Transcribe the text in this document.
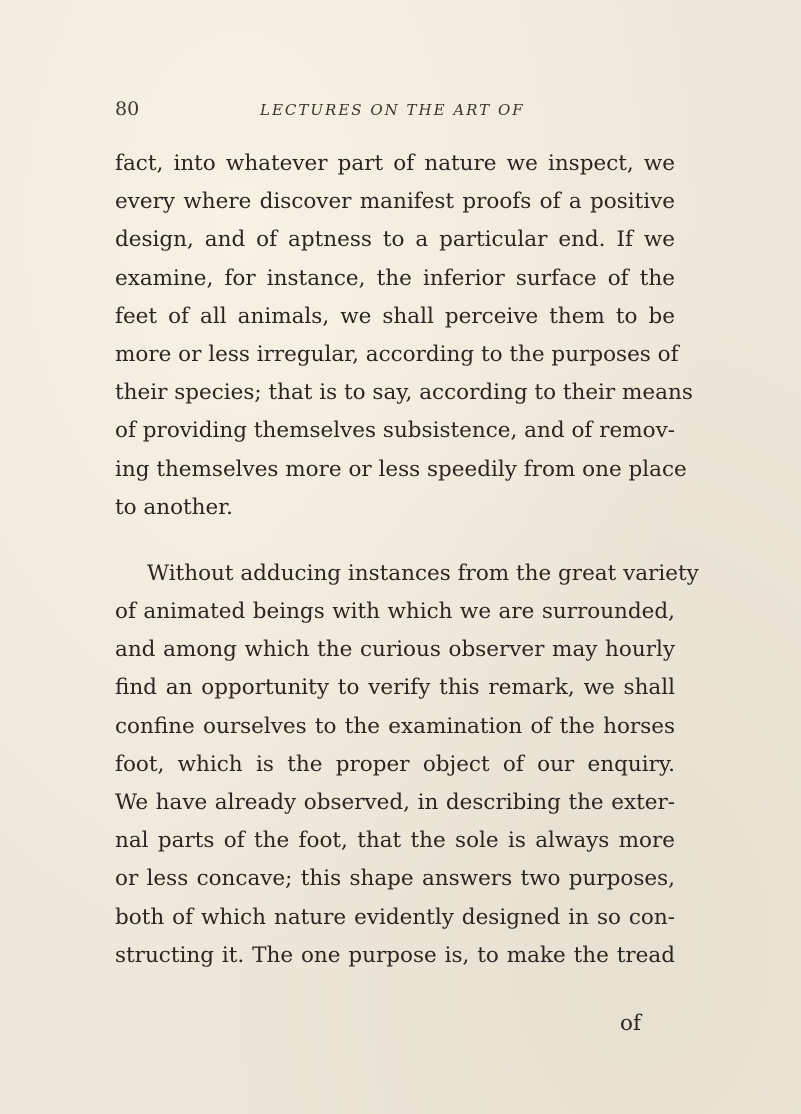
80	LECTURES ON THE ART OF
fact, into whatever part of nature we inspect, we
every where discover manifest proofs of a positive
design, and of aptness to a particular end. If we
examine, for instance, the inferior surface of the
feet of all animals, we shall perceive them to be
more or less irregular, according to the purposes of
their species; that is to say, according to their means
of providing themselves subsistence, and of remov-
ing themselves more or less speedily from one place
to another.
Without adducing instances from the great variety
of animated beings with which we are surrounded,
and among which the curious observer may hourly
find an opportunity to verify this remark, we shall
confine ourselves to the examination of the horses
foot, which is the proper object of our enquiry.
We have already observed, in describing the exter-
nal parts of the foot, that the sole is always more
or less concave; this shape answers two purposes,
both of which nature evidently designed in so con-
structing it. The one purpose is, to make the tread
of
